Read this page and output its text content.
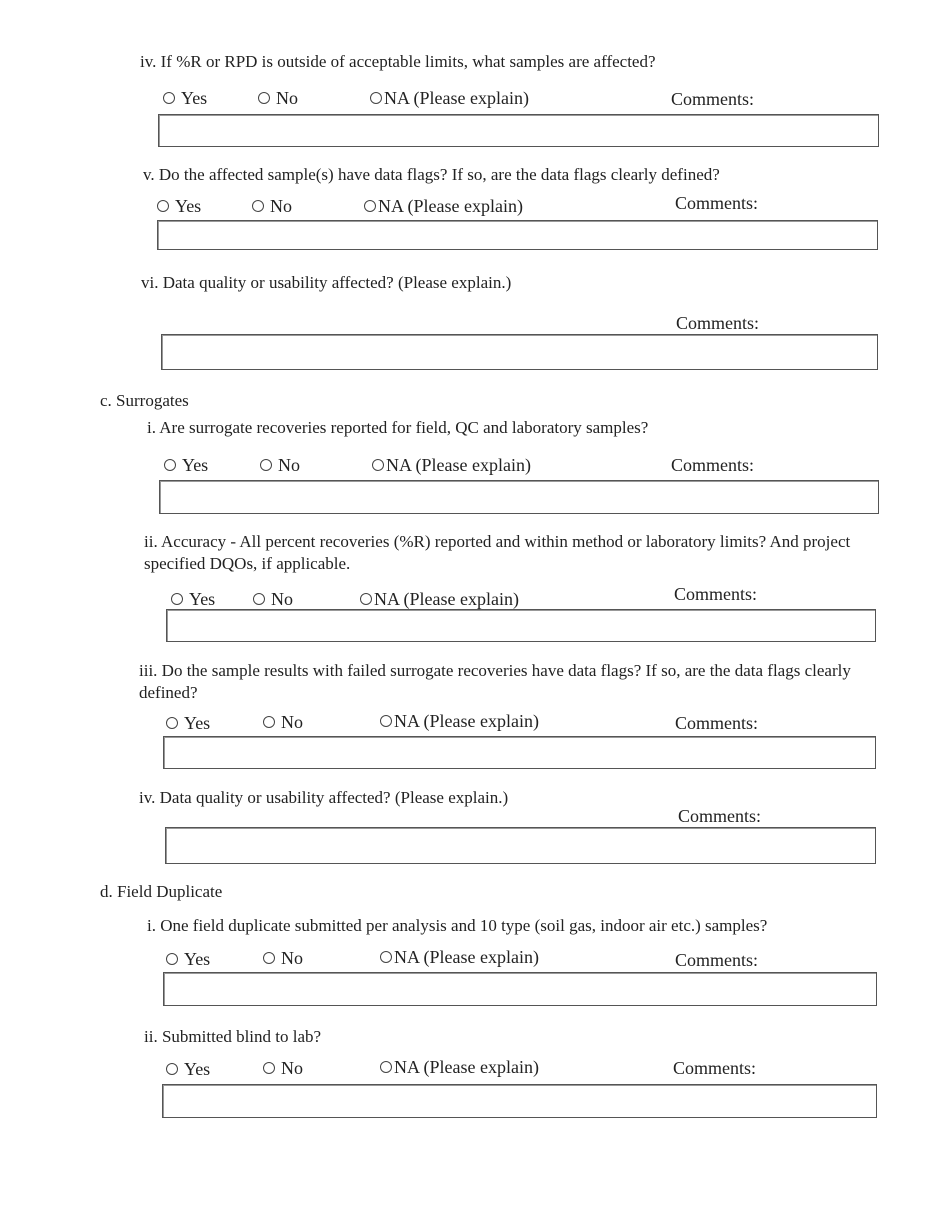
iv. If %R or RPD is outside of acceptable limits, what samples are affected?
Yes	No	NA (Please explain)	Comments:
v. Do the affected sample(s) have data flags? If so, are the data flags clearly defined?
Yes	No	NA (Please explain)	Comments:
vi. Data quality or usability affected? (Please explain.)
Comments:
c. Surrogates
i. Are surrogate recoveries reported for field, QC and laboratory samples?
Yes	No	NA (Please explain)	Comments:
ii. Accuracy - All percent recoveries (%R) reported and within method or laboratory limits? And project specified DQOs, if applicable.
Yes	No	NA (Please explain)	Comments:
iii. Do the sample results with failed surrogate recoveries have data flags? If so, are the data flags clearly defined?
Yes	No	NA (Please explain)	Comments:
iv. Data quality or usability affected? (Please explain.)
Comments:
d. Field Duplicate
i. One field duplicate submitted per analysis and 10 type (soil gas, indoor air etc.) samples?
Yes	No	NA (Please explain)	Comments:
ii. Submitted blind to lab?
Yes	No	NA (Please explain)	Comments:
